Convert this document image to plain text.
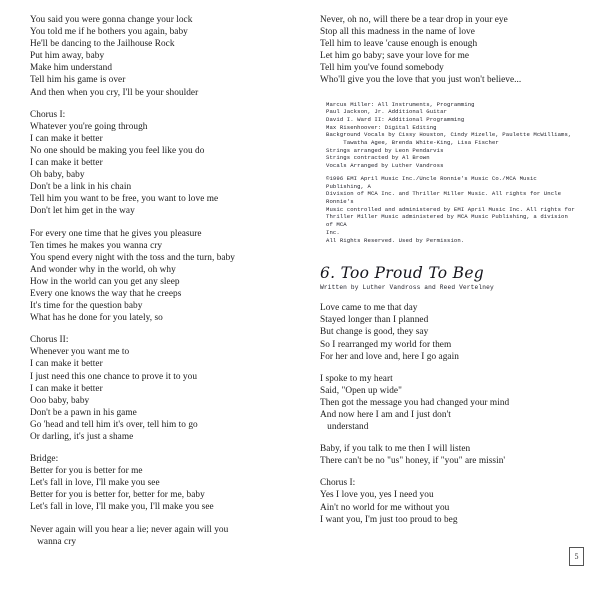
You said you were gonna change your lock
You told me if he bothers you again, baby
He'll be dancing to the Jailhouse Rock
Put him away, baby
Make him understand
Tell him his game is over
And then when you cry, I'll be your shoulder
Chorus I:
Whatever you're going through
I can make it better
No one should be making you feel like you do
I can make it better
Oh baby, baby
Don't be a link in his chain
Tell him you want to be free, you want to love me
Don't let him get in the way
For every one time that he gives you pleasure
Ten times he makes you wanna cry
You spend every night with the toss and the turn, baby
And wonder why in the world, oh why
How in the world can you get any sleep
Every one knows the way that he creeps
It's time for the question baby
What has he done for you lately, so
Chorus II:
Whenever you want me to
I can make it better
I just need this one chance to prove it to you
I can make it better
Ooo baby, baby
Don't be a pawn in his game
Go 'head and tell him it's over, tell him to go
Or darling, it's just a shame
Bridge:
Better for you is better for me
Let's fall in love, I'll make you see
Better for you is better for, better for me, baby
Let's fall in love, I'll make you, I'll make you see
Never again will you hear a lie; never again will you
wanna cry
Never, oh no, will there be a tear drop in your eye
Stop all this madness in the name of love
Tell him to leave 'cause enough is enough
Let him go baby; save your love for me
Tell him you've found somebody
Who'll give you the love that you just won't believe...
Marcus Miller: All Instruments, Programming
Paul Jackson, Jr. Additional Guitar
David I. Ward II: Additional Programming
Max Risenhoover: Digital Editing
Background Vocals by Cissy Houston, Cindy Mizelle, Paulette McWilliams,
Tawatha Agee, Brenda White-King, Lisa Fischer
Strings arranged by Leon Pendarvis
Strings contracted by Al Brown
Vocals Arranged by Luther Vandross
©1996 EMI April Music Inc./Uncle Ronnie's Music Co./MCA Music Publishing, A
Division of MCA Inc. and Thriller Miller Music. All rights for Uncle Ronnie's
Music controlled and administered by EMI April Music Inc. All rights for
Thriller Miller Music administered by MCA Music Publishing, a division of MCA
Inc.
All Rights Reserved. Used by Permission.
6. Too Proud To Beg
Written by Luther Vandross and Reed Vertelney
Love came to me that day
Stayed longer than I planned
But change is good, they say
So I rearranged my world for them
For her and love and, here I go again
I spoke to my heart
Said, "Open up wide"
Then got the message you had changed your mind
And now here I am and I just don't
understand
Baby, if you talk to me then I will listen
There can't be no "us" honey, if "you" are missin'
Chorus I:
Yes I love you, yes I need you
Ain't no world for me without you
I want you, I'm just too proud to beg
5
